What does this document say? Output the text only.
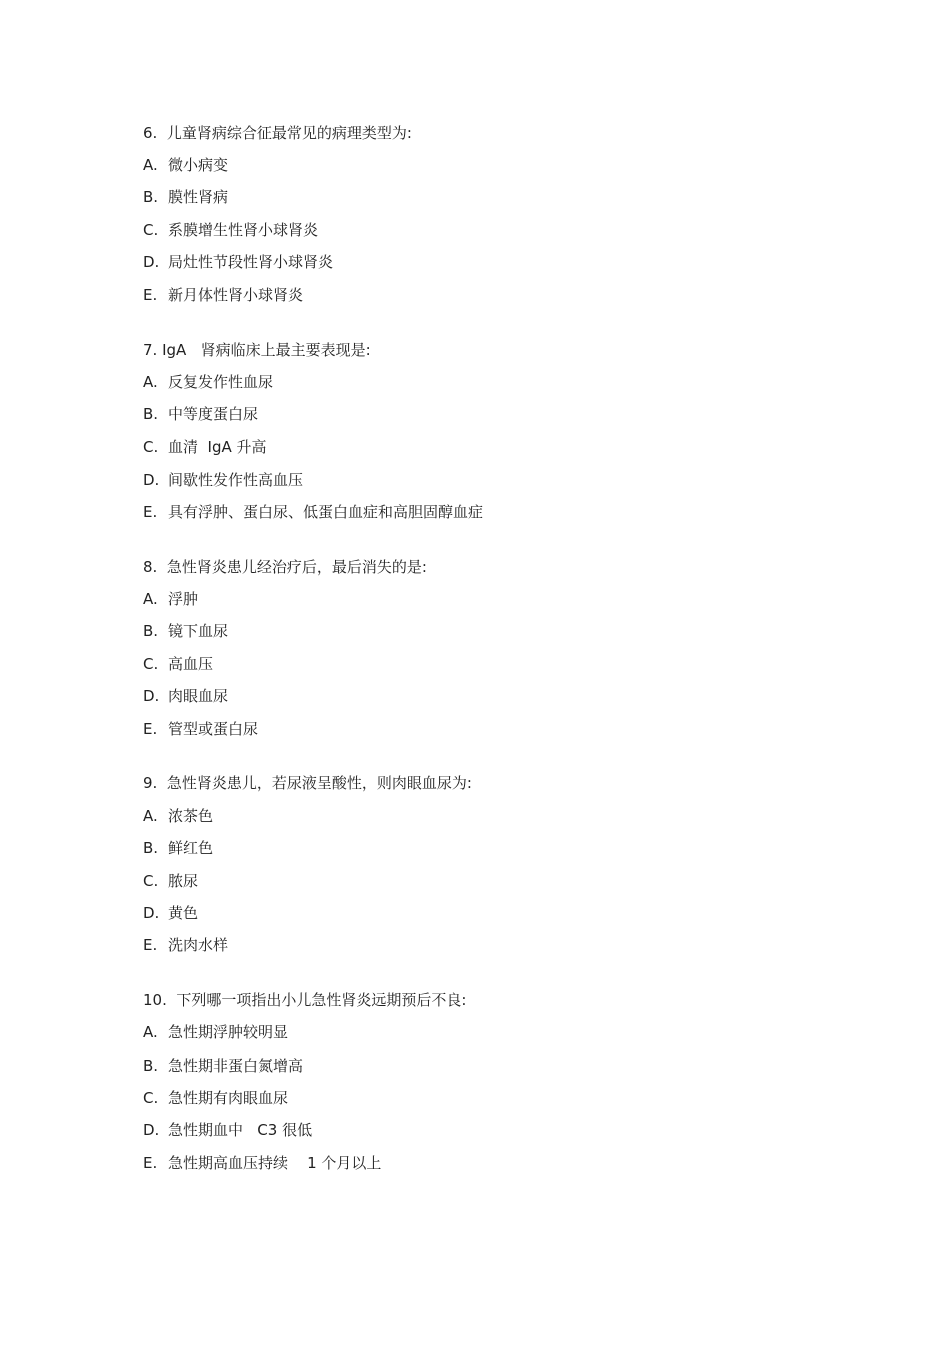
6.  儿童肾病综合征最常见的病理类型为:
A. 微小病变
B. 膜性肾病
C. 系膜增生性肾小球肾炎
D. 局灶性节段性肾小球肾炎
E. 新月体性肾小球肾炎
7. IgA   肾病临床上最主要表现是:
A. 反复发作性血尿
B. 中等度蛋白尿
C. 血清  IgA 升高
D. 间歇性发作性高血压
E. 具有浮肿、蛋白尿、低蛋白血症和高胆固醇血症
8.  急性肾炎患儿经治疗后，最后消失的是:
A. 浮肿
B. 镜下血尿
C. 高血压
D. 肉眼血尿
E. 管型或蛋白尿
9.  急性肾炎患儿，若尿液呈酸性，则肉眼血尿为:
A. 浓茶色
B. 鲜红色
C. 脓尿
D. 黄色
E. 洗肉水样
10.  下列哪一项指出小儿急性肾炎远期预后不良:
A. 急性期浮肿较明显
B. 急性期非蛋白氮增高
C. 急性期有肉眼血尿
D. 急性期血中   C3 很低
E. 急性期高血压持续    1 个月以上
